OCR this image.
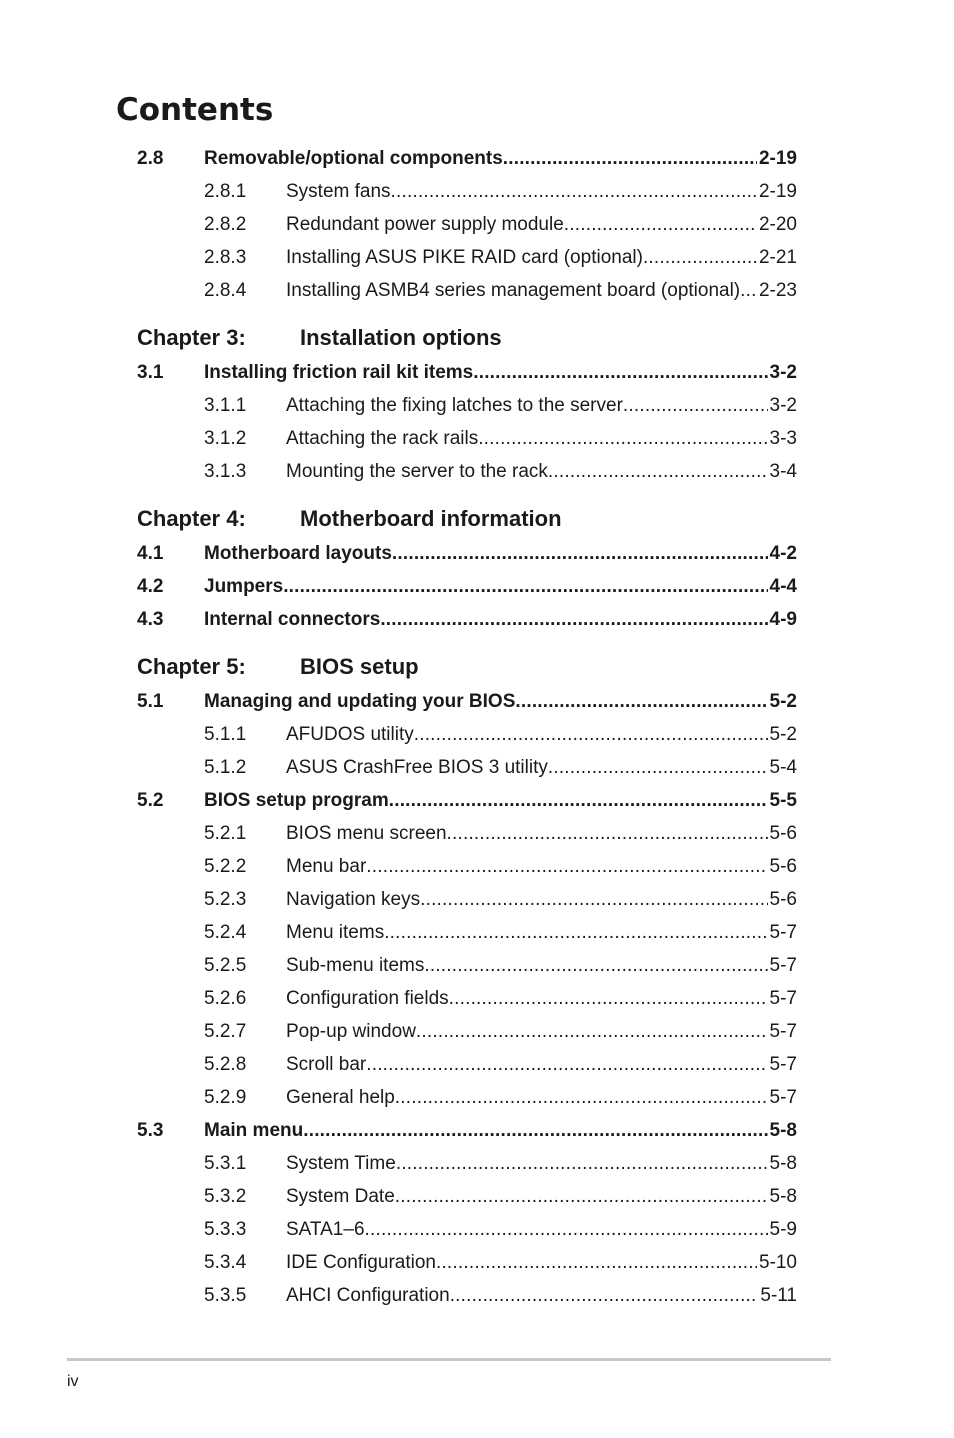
Contents
2.8 Removable/optional components .....	2-19
2.8.1 System fans .....	2-19
2.8.2 Redundant power supply module .....	2-20
2.8.3 Installing ASUS PIKE RAID card (optional) .....	2-21
2.8.4 Installing ASMB4 series management board (optional) ..... 2-23
Chapter 3: Installation options
3.1 Installing friction rail kit items .....	3-2
3.1.1 Attaching the fixing latches to the server .....	3-2
3.1.2 Attaching the rack rails .....	3-3
3.1.3 Mounting the server to the rack .....	3-4
Chapter 4: Motherboard information
4.1 Motherboard layouts .....	4-2
4.2 Jumpers .....	4-4
4.3 Internal connectors .....	4-9
Chapter 5: BIOS setup
5.1 Managing and updating your BIOS .....	5-2
5.1.1 AFUDOS utility .....	5-2
5.1.2 ASUS CrashFree BIOS 3 utility .....	5-4
5.2 BIOS setup program .....	5-5
5.2.1 BIOS menu screen .....	5-6
5.2.2 Menu bar .....	5-6
5.2.3 Navigation keys .....	5-6
5.2.4 Menu items .....	5-7
5.2.5 Sub-menu items .....	5-7
5.2.6 Configuration fields .....	5-7
5.2.7 Pop-up window .....	5-7
5.2.8 Scroll bar .....	5-7
5.2.9 General help .....	5-7
5.3 Main menu .....	5-8
5.3.1 System Time .....	5-8
5.3.2 System Date .....	5-8
5.3.3 SATA1–6 .....	5-9
5.3.4 IDE Configuration .....	5-10
5.3.5 AHCI Configuration .....	5-11
iv
